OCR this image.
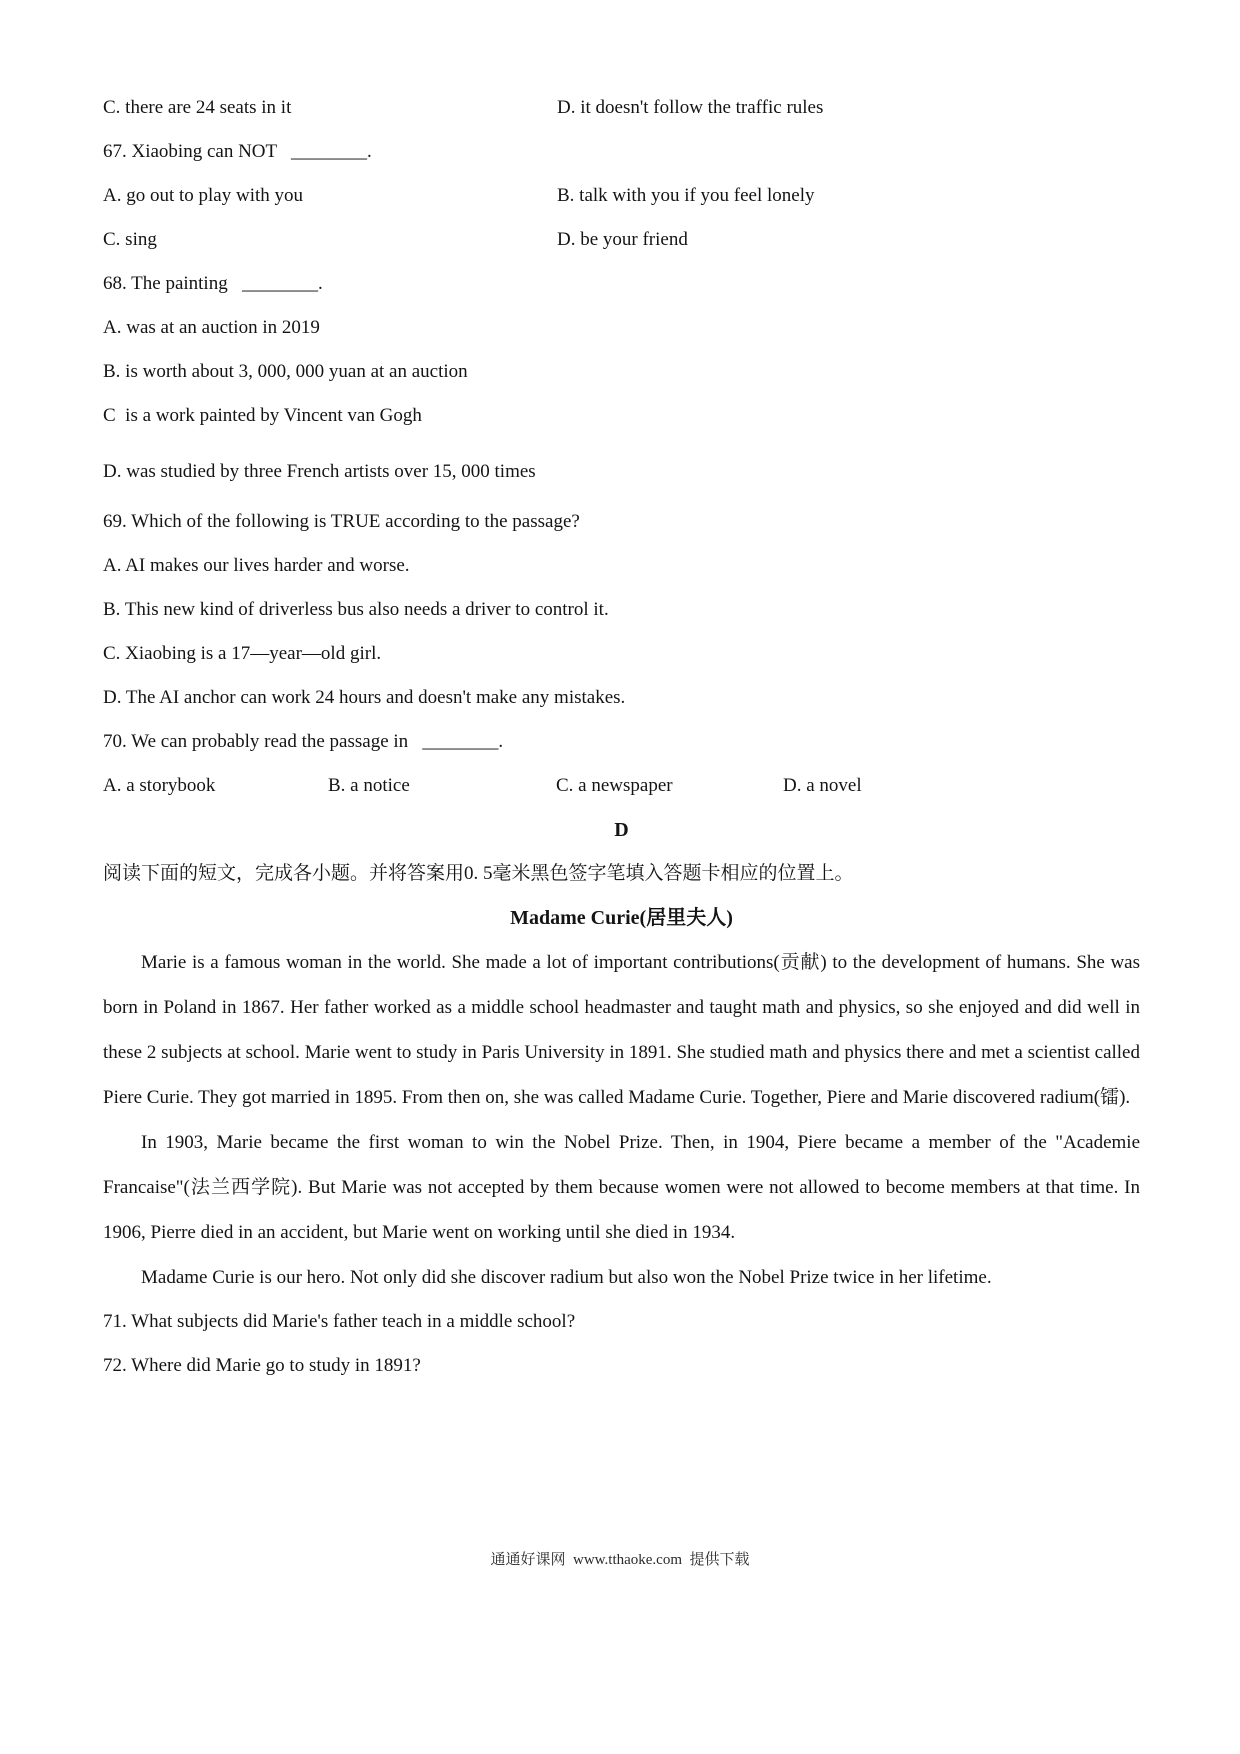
C. there are 24 seats in it	D. it doesn't follow the traffic rules
67. Xiaobing can NOT   ________.
A. go out to play with you	B. talk with you if you feel lonely
C. sing	D. be your friend
68. The painting   ________.
A. was at an auction in 2019
B. is worth about 3, 000, 000 yuan at an auction
C  is a work painted by Vincent van Gogh
D. was studied by three French artists over 15, 000 times
69. Which of the following is TRUE according to the passage?
A. AI makes our lives harder and worse.
B. This new kind of driverless bus also needs a driver to control it.
C. Xiaobing is a 17—year—old girl.
D. The AI anchor can work 24 hours and doesn't make any mistakes.
70. We can probably read the passage in   ________.
A. a storybook	B. a notice	C. a newspaper	D. a novel
D
阅读下面的短文，完成各小题。并将答案用0. 5毫米黑色签字笔填入答题卡相应的位置上。
Madame Curie(居里夫人)

Marie is a famous woman in the world. She made a lot of important contributions(贡献) to the development of humans. She was born in Poland in 1867. Her father worked as a middle school headmaster and taught math and physics, so she enjoyed and did well in these 2 subjects at school. Marie went to study in Paris University in 1891. She studied math and physics there and met a scientist called Piere Curie. They got married in 1895. From then on, she was called Madame Curie. Together, Piere and Marie discovered radium(镭).

In 1903, Marie became the first woman to win the Nobel Prize. Then, in 1904, Piere became a member of the "Academie Francaise"(法兰西学院). But Marie was not accepted by them because women were not allowed to become members at that time. In 1906, Pierre died in an accident, but Marie went on working until she died in 1934.

Madame Curie is our hero. Not only did she discover radium but also won the Nobel Prize twice in her lifetime.

71. What subjects did Marie's father teach in a middle school?
72. Where did Marie go to study in 1891?
通通好课网  www.tthaoke.com  提供下载
